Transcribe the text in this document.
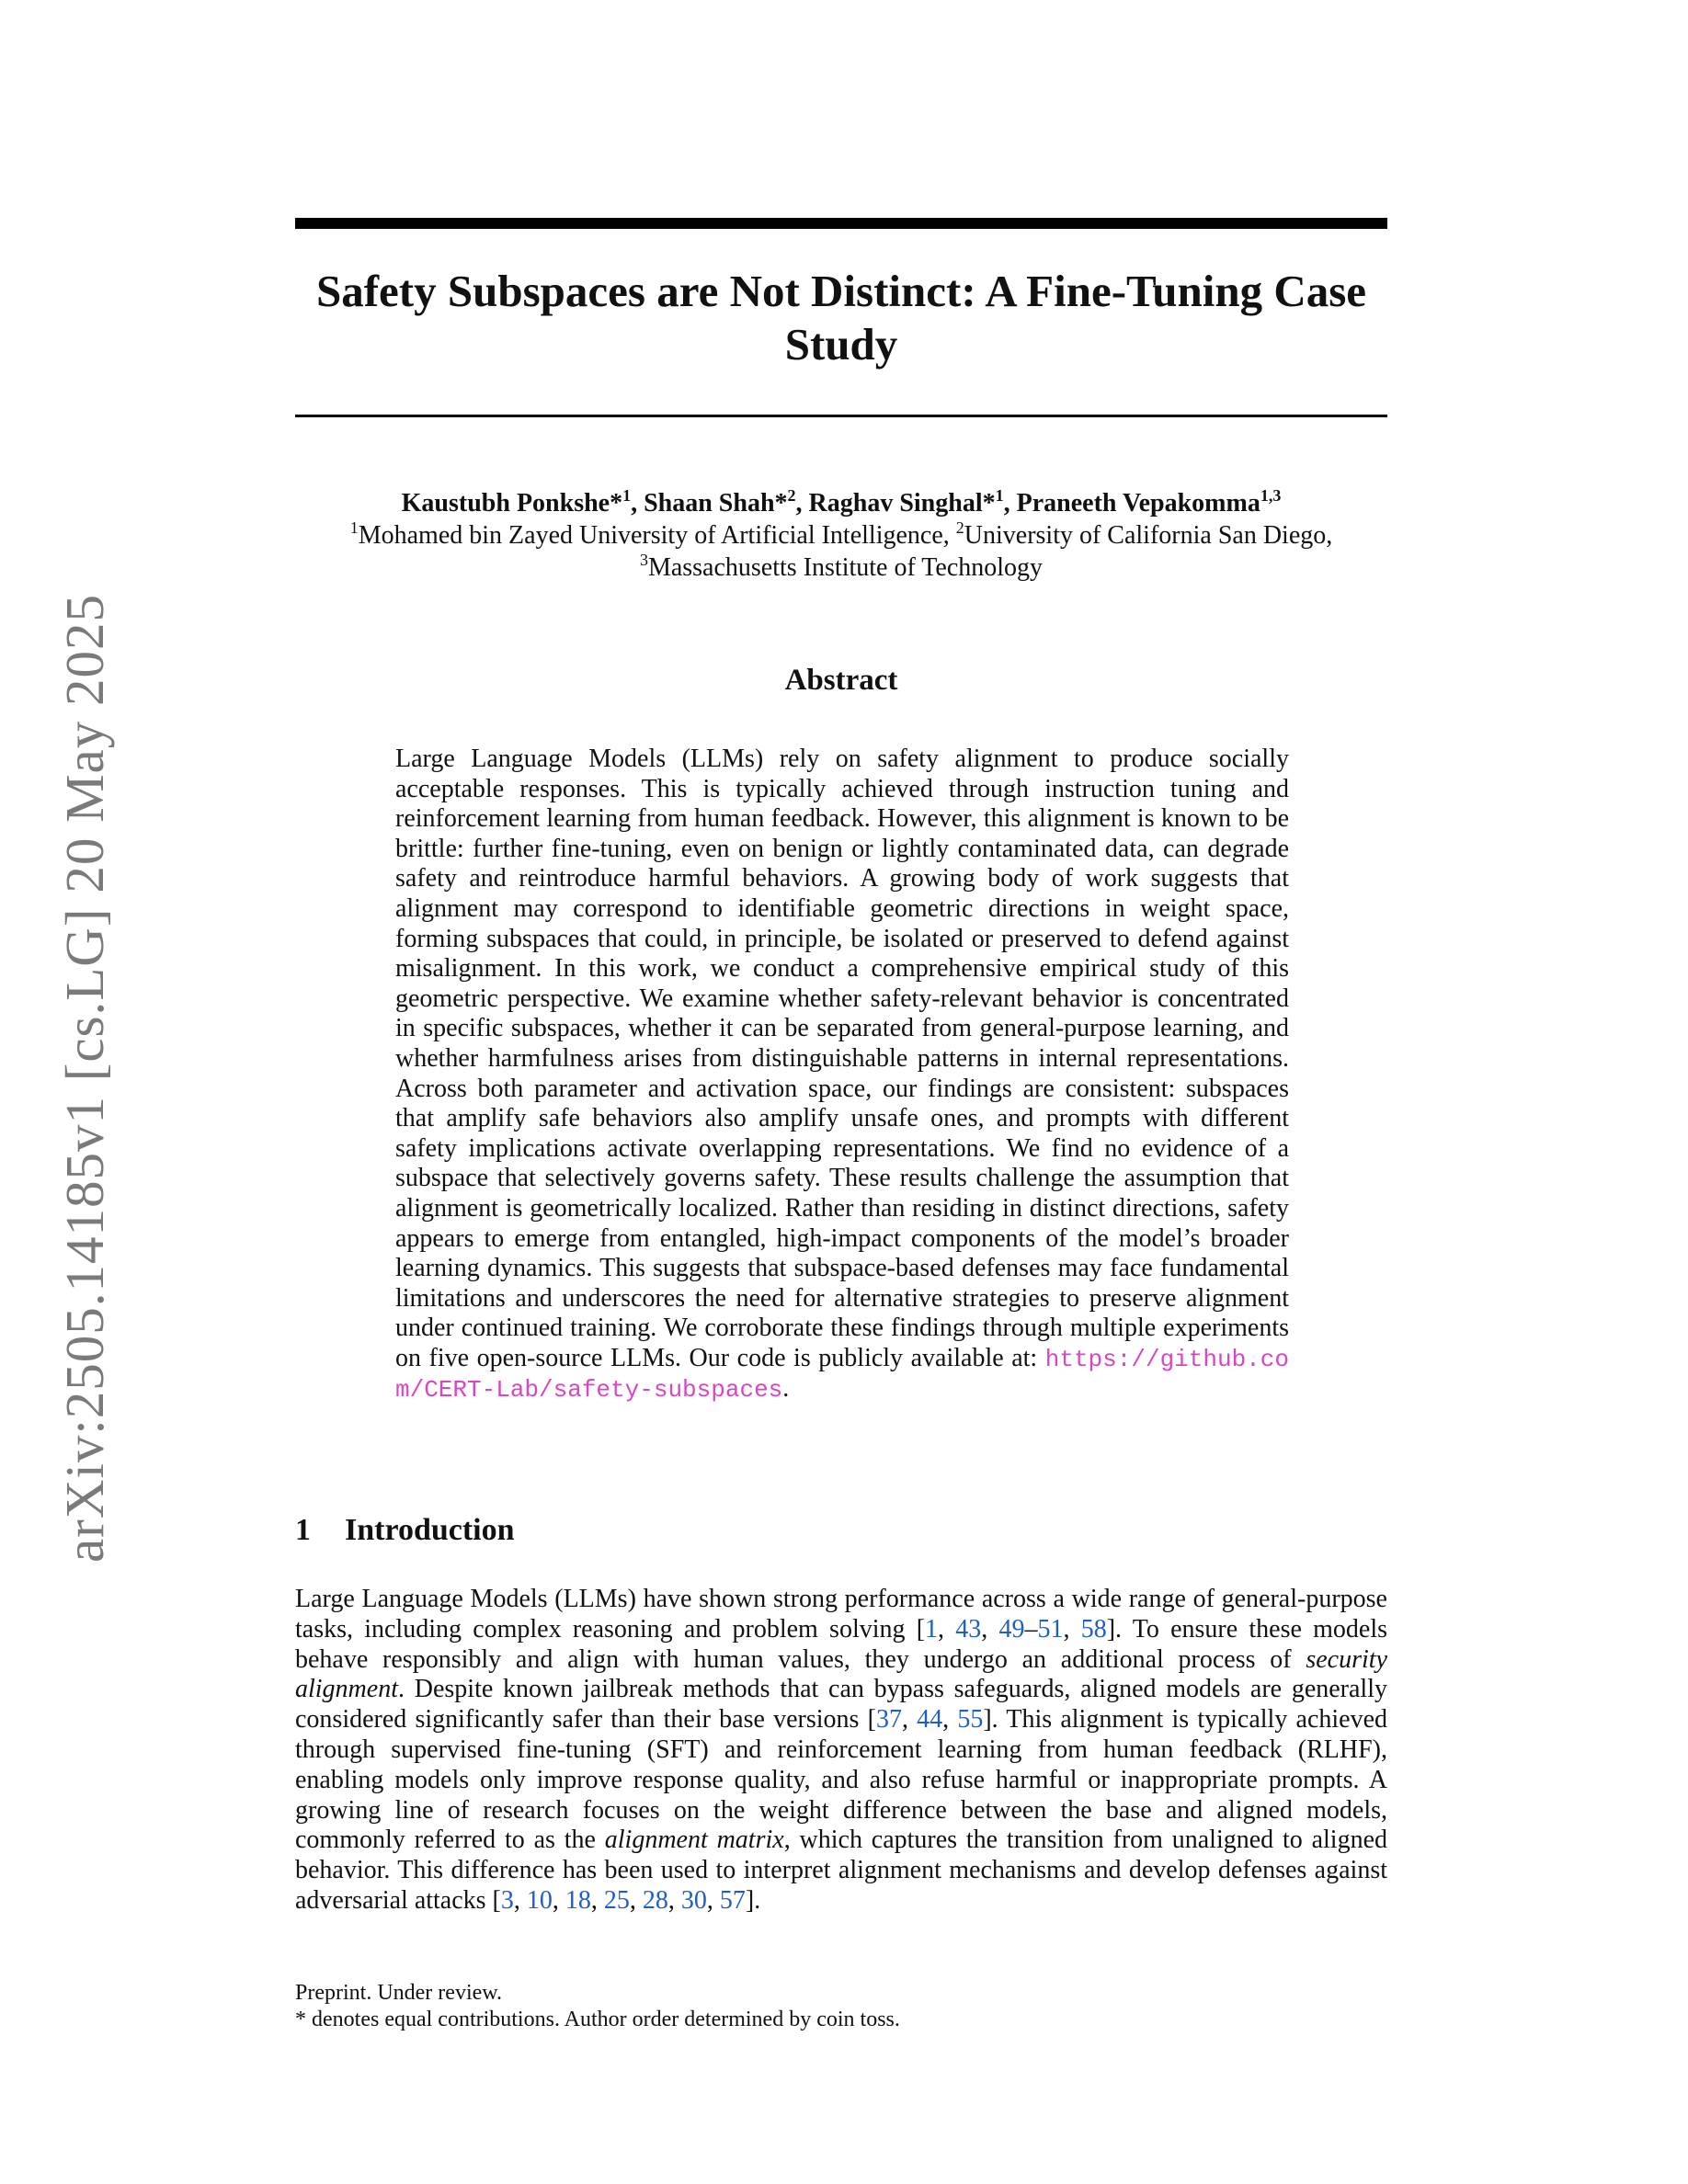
arXiv:2505.14185v1 [cs.LG] 20 May 2025
Safety Subspaces are Not Distinct: A Fine-Tuning Case Study
Kaustubh Ponkshe*$^1$, Shaan Shah*$^2$, Raghav Singhal*$^1$, Praneeth Vepakomma$^{1,3}$
$^1$Mohamed bin Zayed University of Artificial Intelligence, $^2$University of California San Diego,
$^3$Massachusetts Institute of Technology
Abstract

Large Language Models (LLMs) rely on safety alignment to produce socially acceptable responses. This is typically achieved through instruction tuning and reinforcement learning from human feedback. However, this alignment is known to be brittle: further fine-tuning, even on benign or lightly contaminated data, can degrade safety and reintroduce harmful behaviors. A growing body of work suggests that alignment may correspond to identifiable geometric directions in weight space, forming subspaces that could, in principle, be isolated or preserved to defend against misalignment. In this work, we conduct a comprehensive empirical study of this geometric perspective. We examine whether safety-relevant behavior is concentrated in specific subspaces, whether it can be separated from general-purpose learning, and whether harmfulness arises from distinguishable patterns in internal representations. Across both parameter and activation space, our findings are consistent: subspaces that amplify safe behaviors also amplify unsafe ones, and prompts with different safety implications activate overlapping representations. We find no evidence of a subspace that selectively governs safety. These results challenge the assumption that alignment is geometrically localized. Rather than residing in distinct directions, safety appears to emerge from entangled, high-impact components of the model’s broader learning dynamics. This suggests that subspace-based defenses may face fundamental limitations and underscores the need for alternative strategies to preserve alignment under continued training. We corroborate these findings through multiple experiments on five open-source LLMs. Our code is publicly available at: https://github.com/CERT-Lab/safety-subspaces.

1 Introduction

Large Language Models (LLMs) have shown strong performance across a wide range of general-purpose tasks, including complex reasoning and problem solving [1, 43, 49–51, 58]. To ensure these models behave responsibly and align with human values, they undergo an additional process of security alignment. Despite known jailbreak methods that can bypass safeguards, aligned models are generally considered significantly safer than their base versions [37, 44, 55]. This alignment is typically achieved through supervised fine-tuning (SFT) and reinforcement learning from human feedback (RLHF), enabling models only improve response quality, and also refuse harmful or inappropriate prompts. A growing line of research focuses on the weight difference between the base and aligned models, commonly referred to as the alignment matrix, which captures the transition from unaligned to aligned behavior. This difference has been used to interpret alignment mechanisms and develop defenses against adversarial attacks [3, 10, 18, 25, 28, 30, 57].

Preprint. Under review.
* denotes equal contributions. Author order determined by coin toss.
